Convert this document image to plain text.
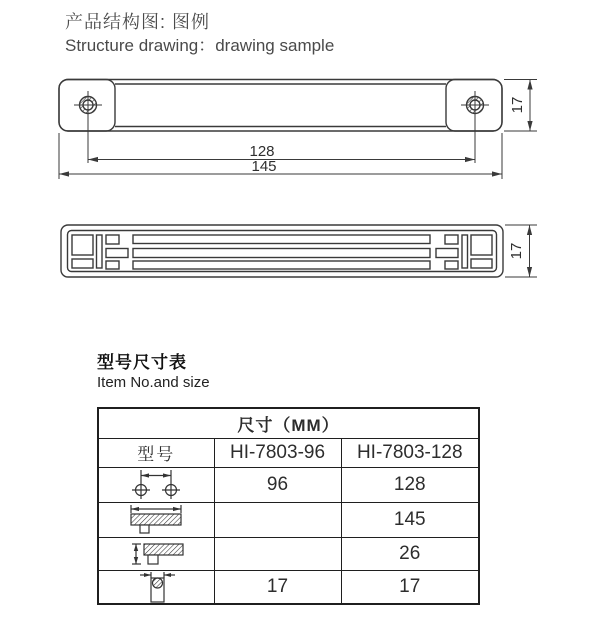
产品结构图: 图例
Structure drawing：drawing sample
128
145
17
17
型号尺寸表
Item No.and size
尺寸（MM）		
型号	HI-7803-96	HI-7803-128

	96	128

		145

		26

	17	17
